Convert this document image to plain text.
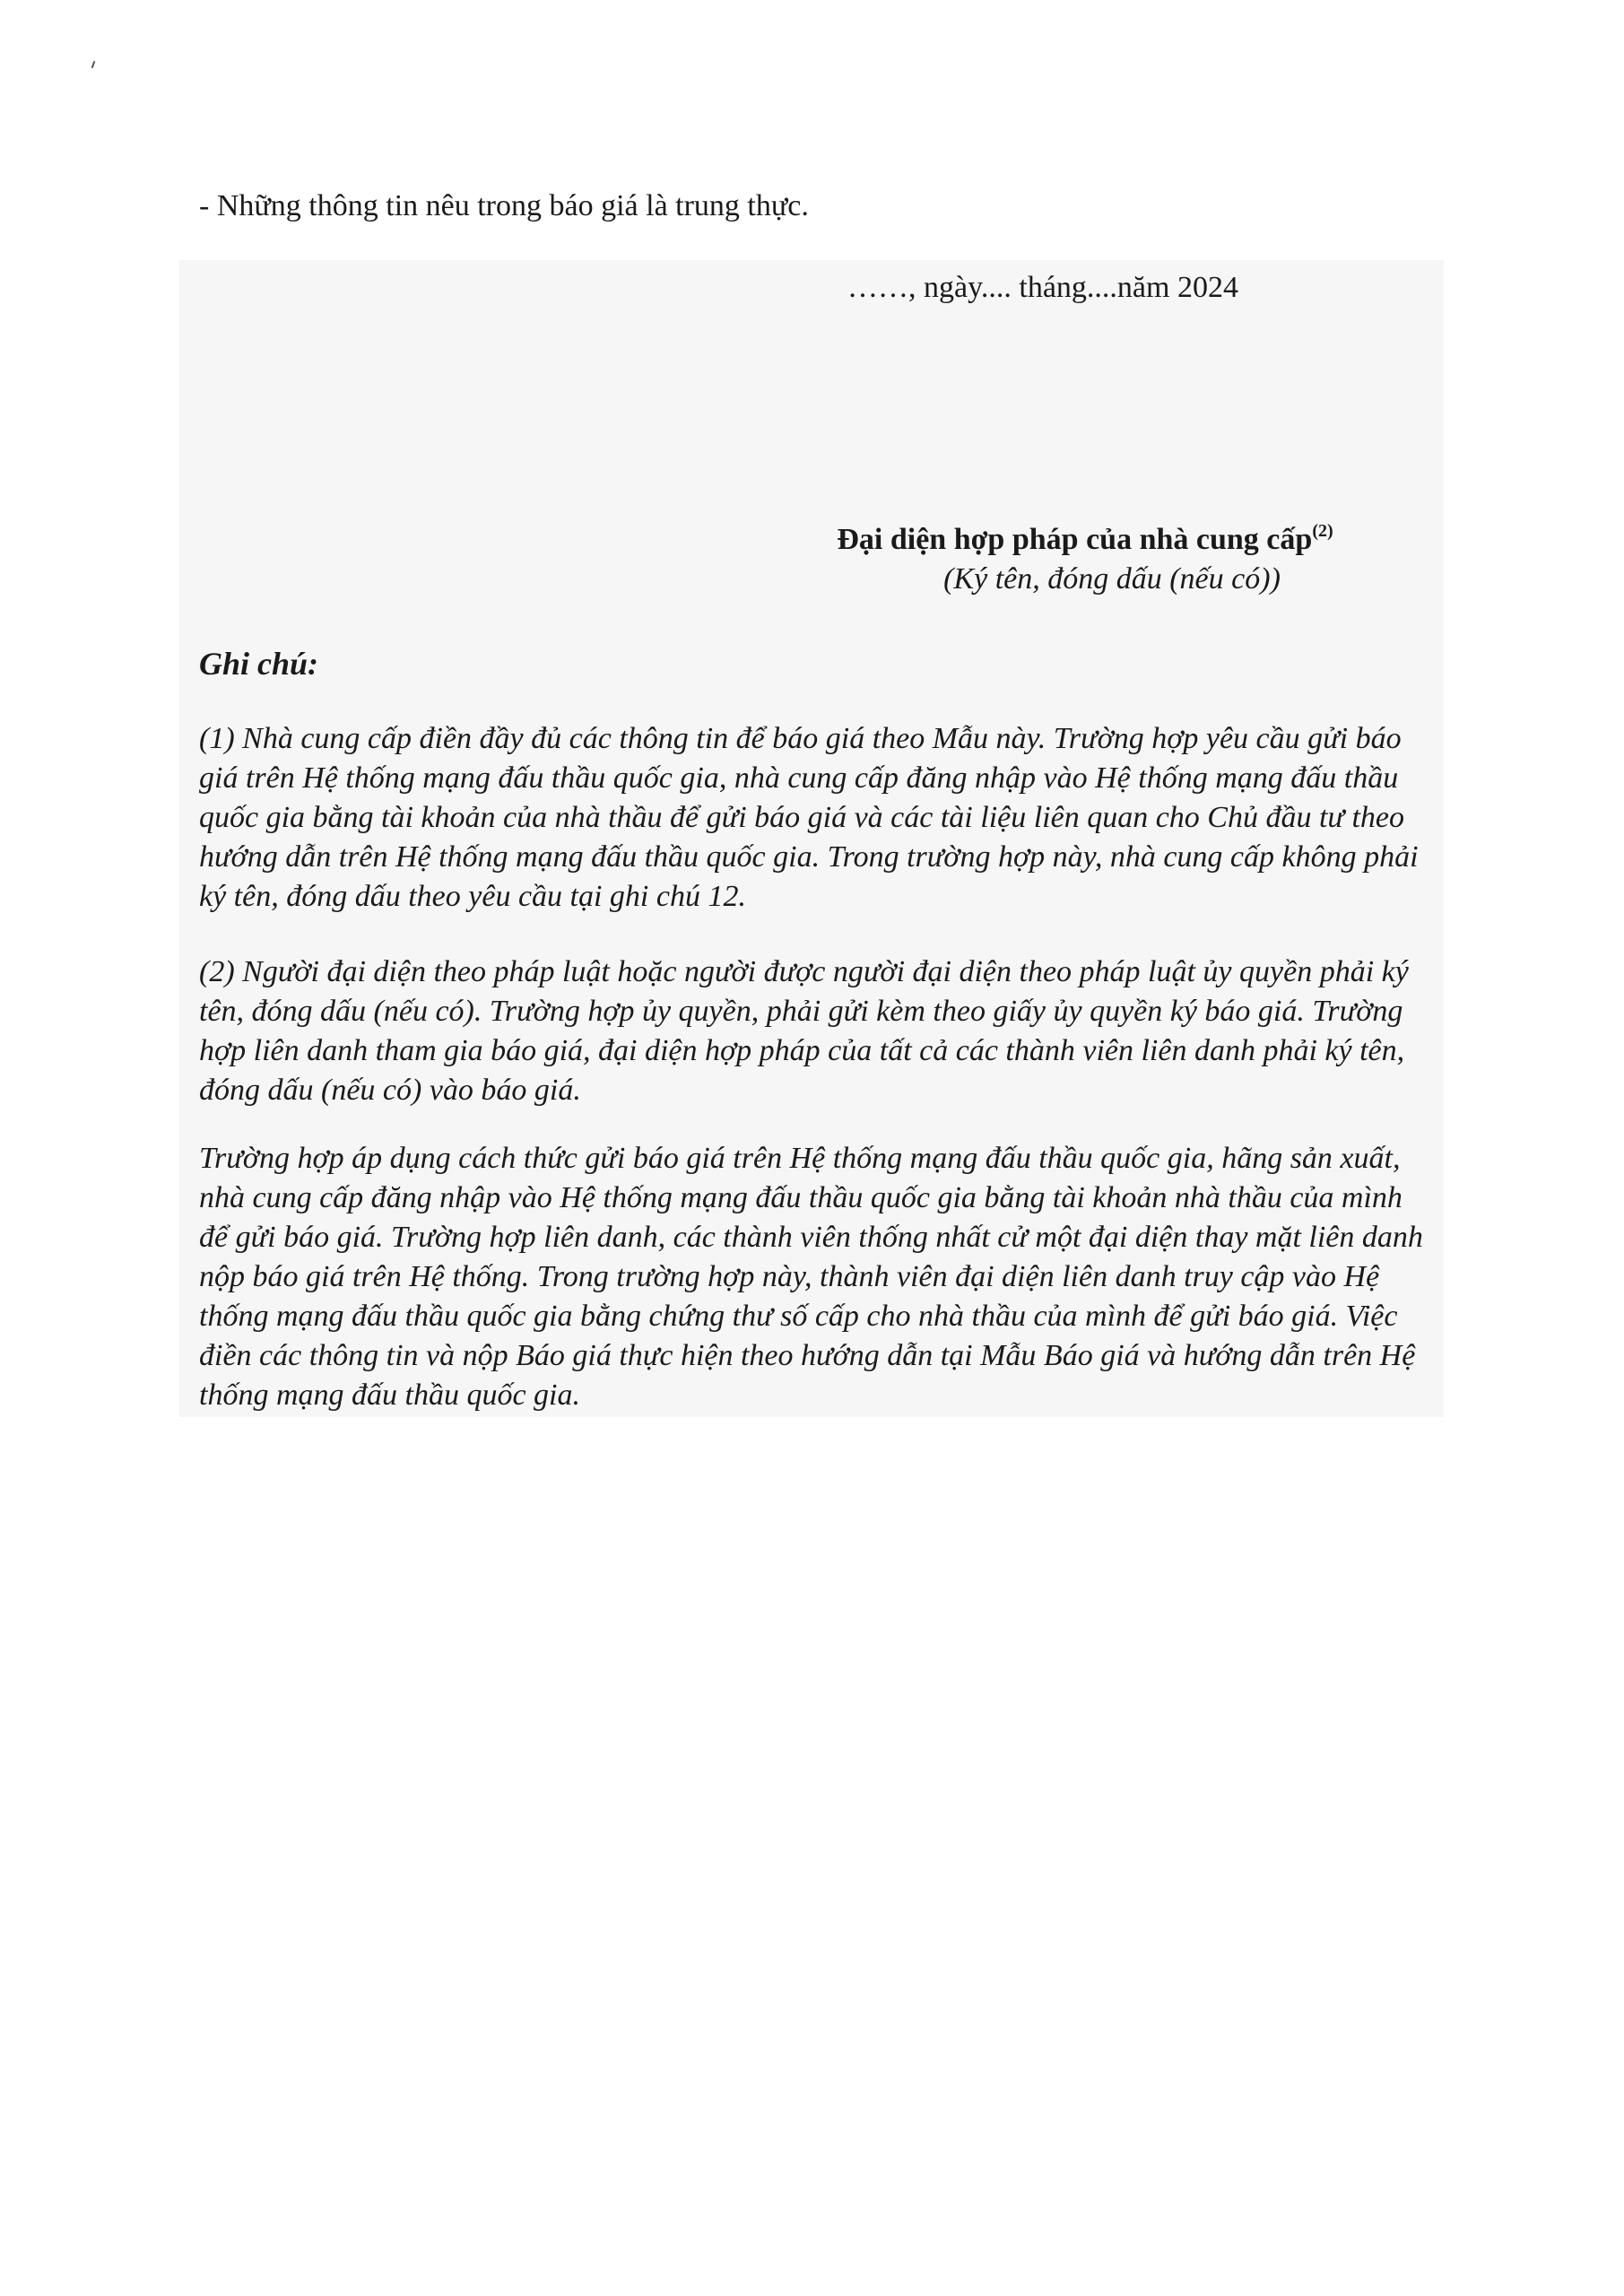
- Những thông tin nêu trong báo giá là trung thực.
……, ngày.... tháng....năm 2024
Đại diện hợp pháp của nhà cung cấp$^{(2)}$
(Ký tên, đóng dấu (nếu có))
Ghi chú:

(1) Nhà cung cấp điền đầy đủ các thông tin để báo giá theo Mẫu này. Trường hợp yêu cầu gửi báo giá trên Hệ thống mạng đấu thầu quốc gia, nhà cung cấp đăng nhập vào Hệ thống mạng đấu thầu quốc gia bằng tài khoản của nhà thầu để gửi báo giá và các tài liệu liên quan cho Chủ đầu tư theo hướng dẫn trên Hệ thống mạng đấu thầu quốc gia. Trong trường hợp này, nhà cung cấp không phải ký tên, đóng dấu theo yêu cầu tại ghi chú 12.

(2) Người đại diện theo pháp luật hoặc người được người đại diện theo pháp luật ủy quyền phải ký tên, đóng dấu (nếu có). Trường hợp ủy quyền, phải gửi kèm theo giấy ủy quyền ký báo giá. Trường hợp liên danh tham gia báo giá, đại diện hợp pháp của tất cả các thành viên liên danh phải ký tên, đóng dấu (nếu có) vào báo giá.

Trường hợp áp dụng cách thức gửi báo giá trên Hệ thống mạng đấu thầu quốc gia, hãng sản xuất, nhà cung cấp đăng nhập vào Hệ thống mạng đấu thầu quốc gia bằng tài khoản nhà thầu của mình để gửi báo giá. Trường hợp liên danh, các thành viên thống nhất cử một đại diện thay mặt liên danh nộp báo giá trên Hệ thống. Trong trường hợp này, thành viên đại diện liên danh truy cập vào Hệ thống mạng đấu thầu quốc gia bằng chứng thư số cấp cho nhà thầu của mình để gửi báo giá. Việc điền các thông tin và nộp Báo giá thực hiện theo hướng dẫn tại Mẫu Báo giá và hướng dẫn trên Hệ thống mạng đấu thầu quốc gia.
